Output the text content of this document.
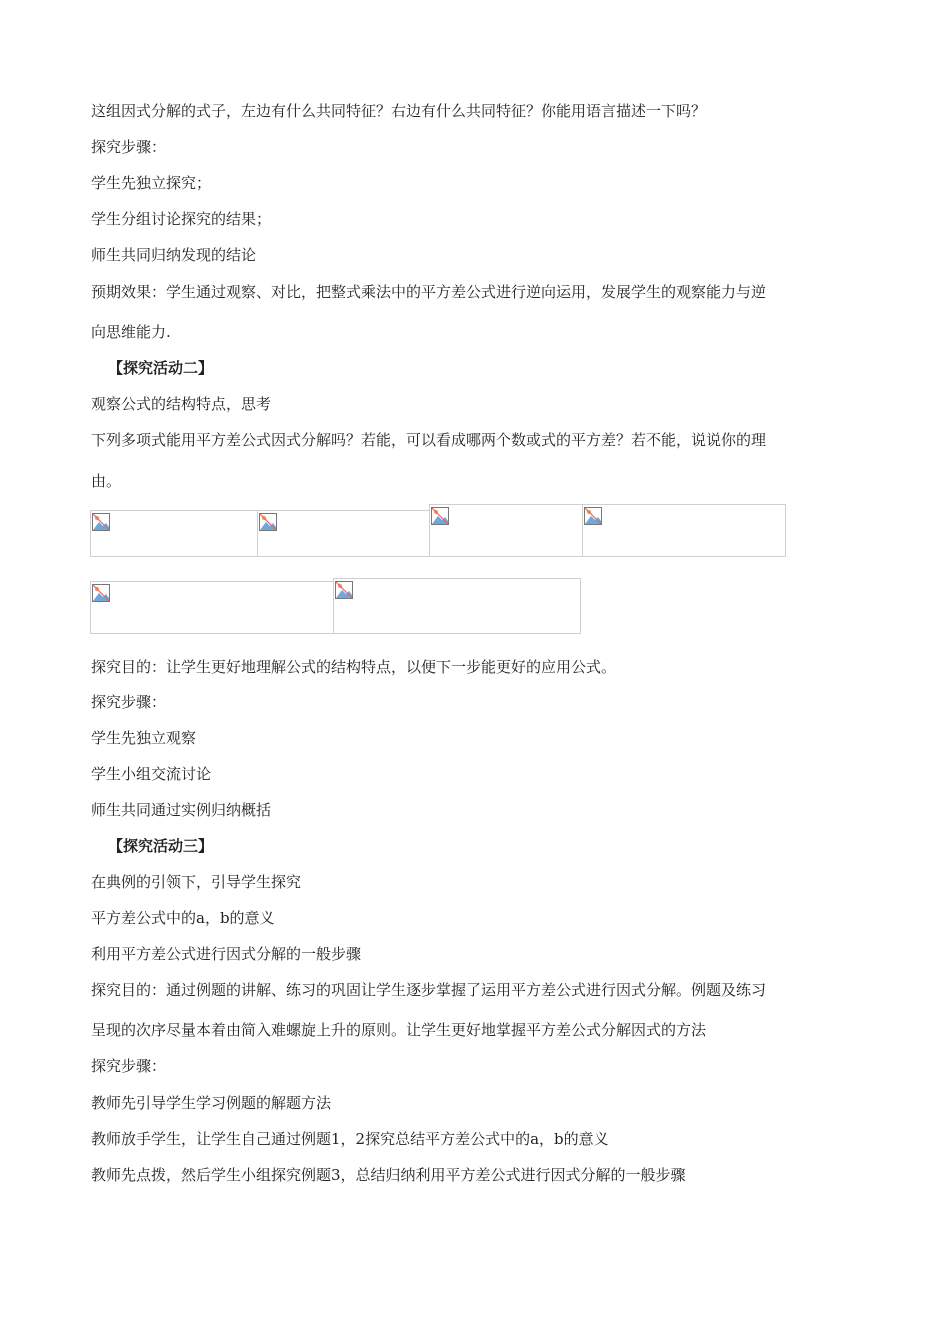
这组因式分解的式子，左边有什么共同特征？右边有什么共同特征？你能用语言描述一下吗？
探究步骤：
学生先独立探究；
学生分组讨论探究的结果；
师生共同归纳发现的结论
预期效果：学生通过观察、对比，把整式乘法中的平方差公式进行逆向运用，发展学生的观察能力与逆
向思维能力.
【探究活动二】
观察公式的结构特点，思考
下列多项式能用平方差公式因式分解吗？若能，可以看成哪两个数或式的平方差？若不能，说说你的理
由。
探究目的：让学生更好地理解公式的结构特点，以便下一步能更好的应用公式。
探究步骤：
学生先独立观察
学生小组交流讨论
师生共同通过实例归纳概括
【探究活动三】
在典例的引领下，引导学生探究
平方差公式中的a，b的意义
利用平方差公式进行因式分解的一般步骤
探究目的：通过例题的讲解、练习的巩固让学生逐步掌握了运用平方差公式进行因式分解。例题及练习
呈现的次序尽量本着由简入难螺旋上升的原则。让学生更好地掌握平方差公式分解因式的方法
探究步骤：
教师先引导学生学习例题的解题方法
教师放手学生，让学生自己通过例题1，2探究总结平方差公式中的a，b的意义
教师先点拨，然后学生小组探究例题3，总结归纳利用平方差公式进行因式分解的一般步骤
